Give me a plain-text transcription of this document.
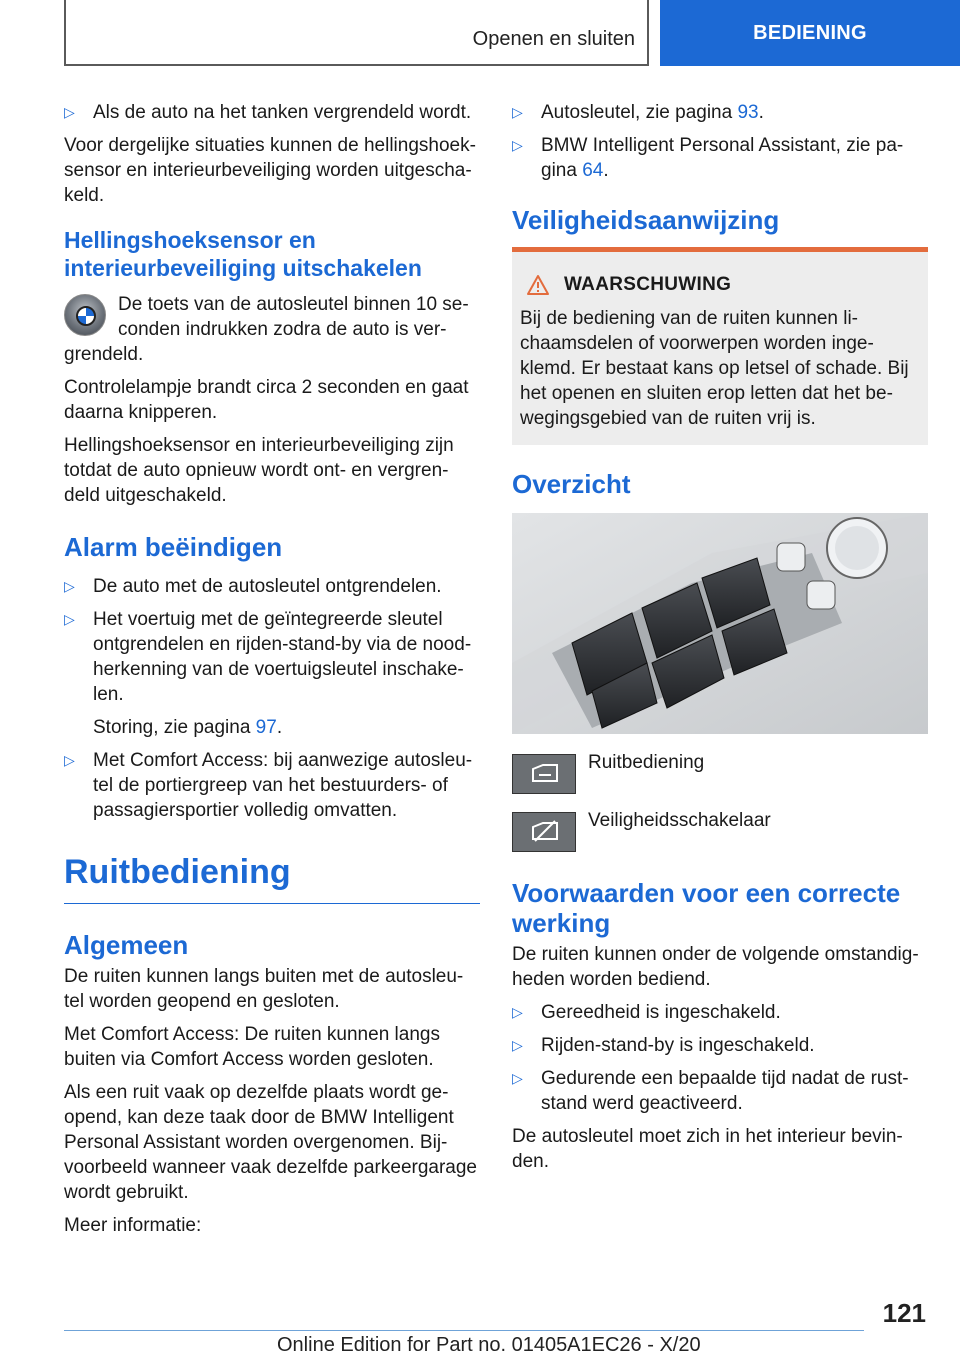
Openen en sluiten	BEDIENING
▷ Als de auto na het tanken vergrendeld wordt.

Voor dergelijke situaties kunnen de hellingshoek-sensor en interieurbeveiliging worden uitgescha-keld.

Hellingshoeksensor en interieurbeveiliging uitschakelen
De toets van de autosleutel binnen 10 se-conden indrukken zodra de auto is ver-grendeld.

Controlelampje brandt circa 2 seconden en gaat daarna knipperen.

Hellingshoeksensor en interieurbeveiliging zijn totdat de auto opnieuw wordt ont- en vergren-deld uitgeschakeld.

Alarm beëindigen
▷ De auto met de autosleutel ontgrendelen.
▷ Het voertuig met de geïntegreerde sleutel ontgrendelen en rijden-stand-by via de nood-herkenning van de voertuigsleutel inschake-len.
Storing, zie pagina 97.
▷ Met Comfort Access: bij aanwezige autosleu-tel de portiergreep van het bestuurders- of passagiersportier volledig omvatten.
Ruitbediening
Algemeen

De ruiten kunnen langs buiten met de autosleu-tel worden geopend en gesloten.

Met Comfort Access: De ruiten kunnen langs buiten via Comfort Access worden gesloten.

Als een ruit vaak op dezelfde plaats wordt ge-opend, kan deze taak door de BMW Intelligent Personal Assistant worden overgenomen. Bij-voorbeeld wanneer vaak dezelfde parkeergarage wordt gebruikt.

Meer informatie:

▷ Autosleutel, zie pagina 93.
▷ BMW Intelligent Personal Assistant, zie pa-gina 64.
Veiligheidsaanwijzing
WAARSCHUWING

Bij de bediening van de ruiten kunnen li-chaamsdelen of voorwerpen worden inge-klemd. Er bestaat kans op letsel of schade. Bij het openen en sluiten erop letten dat het be-wegingsgebied van de ruiten vrij is.

Overzicht
Ruitbediening
Veiligheidsschakelaar
Voorwaarden voor een correcte werking

De ruiten kunnen onder de volgende omstandig-heden worden bediend.

▷ Gereedheid is ingeschakeld.
▷ Rijden-stand-by is ingeschakeld.
▷ Gedurende een bepaalde tijd nadat de rust-stand werd geactiveerd.

De autosleutel moet zich in het interieur bevin-den.

121
Online Edition for Part no. 01405A1EC26 - X/20
